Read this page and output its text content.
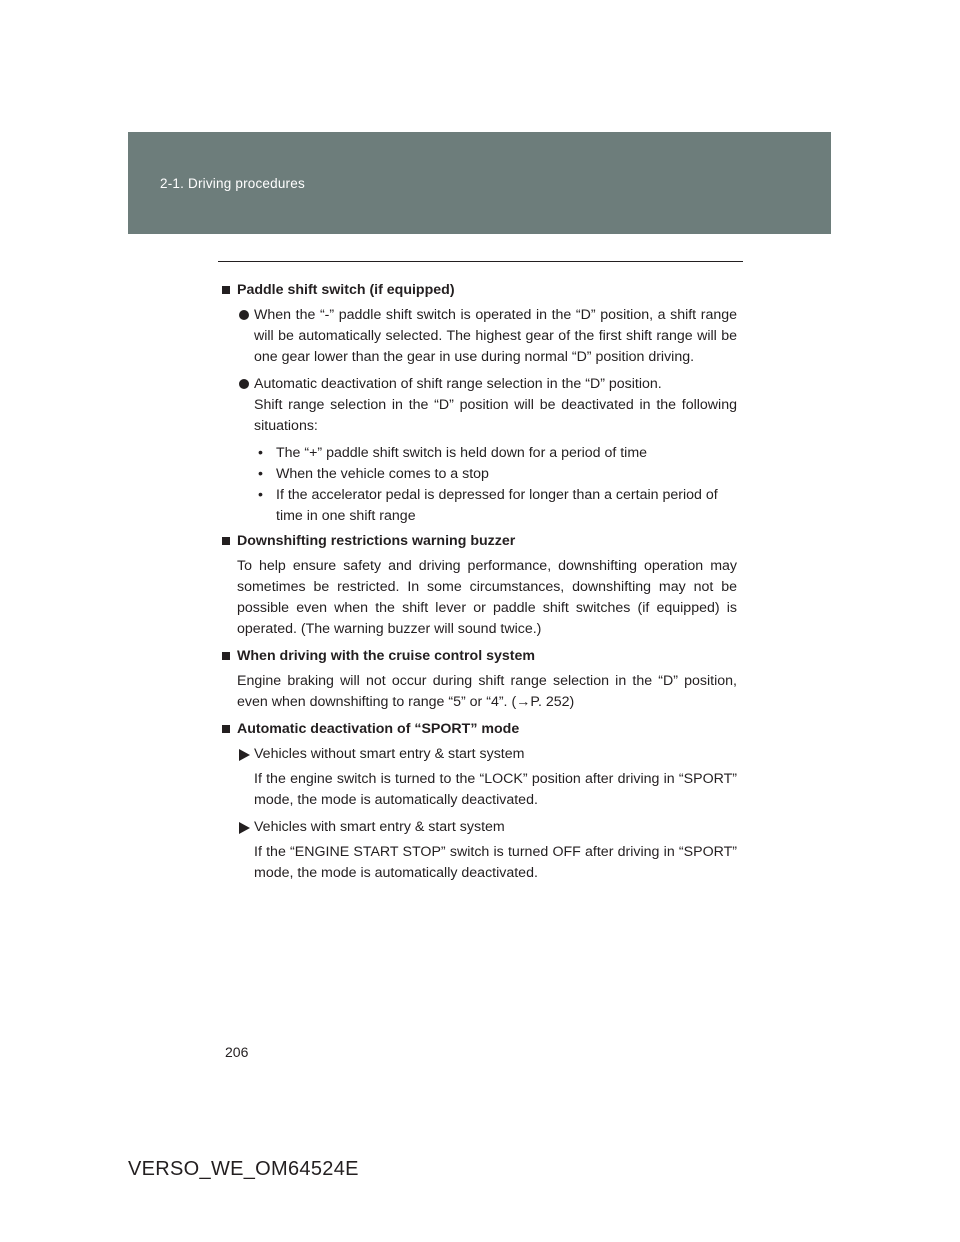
2-1. Driving procedures
Paddle shift switch (if equipped)
When the “-” paddle shift switch is operated in the “D” position, a shift range will be automatically selected. The highest gear of the first shift range will be one gear lower than the gear in use during normal “D” position driving.
Automatic deactivation of shift range selection in the “D” position.
Shift range selection in the “D” position will be deactivated in the following situations:
• The “+” paddle shift switch is held down for a period of time
• When the vehicle comes to a stop
• If the accelerator pedal is depressed for longer than a certain period of time in one shift range
Downshifting restrictions warning buzzer
To help ensure safety and driving performance, downshifting operation may sometimes be restricted. In some circumstances, downshifting may not be possible even when the shift lever or paddle shift switches (if equipped) is operated. (The warning buzzer will sound twice.)
When driving with the cruise control system
Engine braking will not occur during shift range selection in the “D” position, even when downshifting to range “5” or “4”. (→P. 252)
Automatic deactivation of “SPORT” mode
Vehicles without smart entry & start system
If the engine switch is turned to the “LOCK” position after driving in “SPORT” mode, the mode is automatically deactivated.
Vehicles with smart entry & start system
If the “ENGINE START STOP” switch is turned OFF after driving in “SPORT” mode, the mode is automatically deactivated.
206
VERSO_WE_OM64524E
